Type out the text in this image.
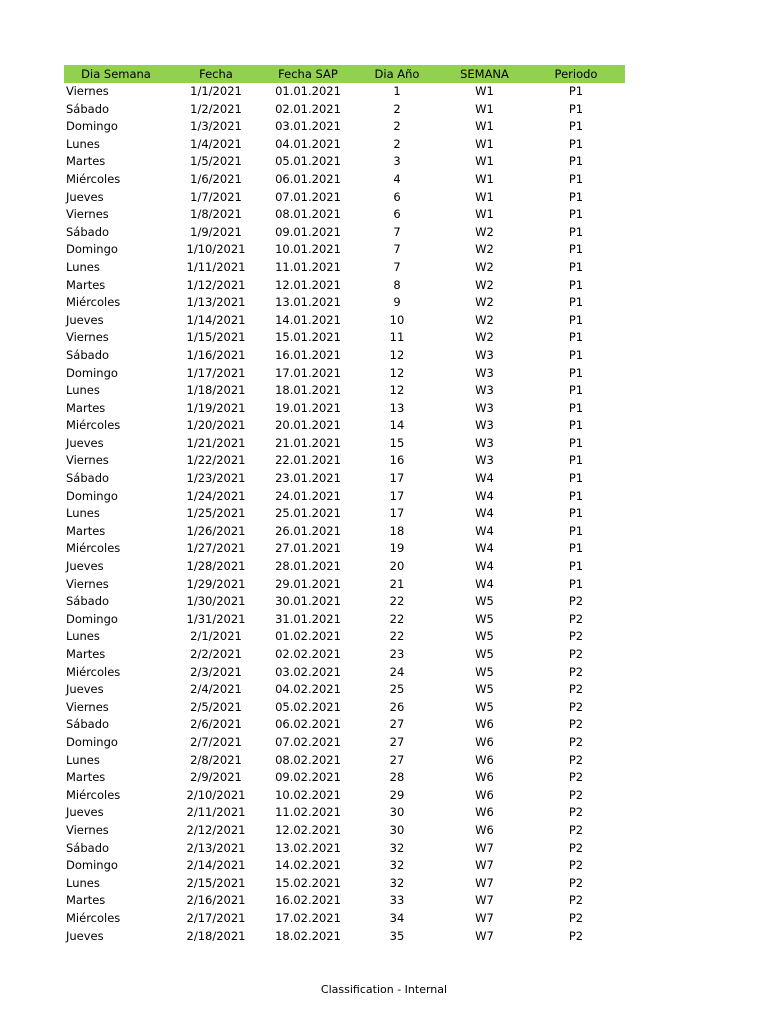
Dia Semana	Fecha	Fecha SAP	Dia Año	SEMANA	Periodo
Viernes	1/1/2021	01.01.2021	1	W1	P1
Sábado	1/2/2021	02.01.2021	2	W1	P1
Domingo	1/3/2021	03.01.2021	2	W1	P1
Lunes	1/4/2021	04.01.2021	2	W1	P1
Martes	1/5/2021	05.01.2021	3	W1	P1
Miércoles	1/6/2021	06.01.2021	4	W1	P1
Jueves	1/7/2021	07.01.2021	6	W1	P1
Viernes	1/8/2021	08.01.2021	6	W1	P1
Sábado	1/9/2021	09.01.2021	7	W2	P1
Domingo	1/10/2021	10.01.2021	7	W2	P1
Lunes	1/11/2021	11.01.2021	7	W2	P1
Martes	1/12/2021	12.01.2021	8	W2	P1
Miércoles	1/13/2021	13.01.2021	9	W2	P1
Jueves	1/14/2021	14.01.2021	10	W2	P1
Viernes	1/15/2021	15.01.2021	11	W2	P1
Sábado	1/16/2021	16.01.2021	12	W3	P1
Domingo	1/17/2021	17.01.2021	12	W3	P1
Lunes	1/18/2021	18.01.2021	12	W3	P1
Martes	1/19/2021	19.01.2021	13	W3	P1
Miércoles	1/20/2021	20.01.2021	14	W3	P1
Jueves	1/21/2021	21.01.2021	15	W3	P1
Viernes	1/22/2021	22.01.2021	16	W3	P1
Sábado	1/23/2021	23.01.2021	17	W4	P1
Domingo	1/24/2021	24.01.2021	17	W4	P1
Lunes	1/25/2021	25.01.2021	17	W4	P1
Martes	1/26/2021	26.01.2021	18	W4	P1
Miércoles	1/27/2021	27.01.2021	19	W4	P1
Jueves	1/28/2021	28.01.2021	20	W4	P1
Viernes	1/29/2021	29.01.2021	21	W4	P1
Sábado	1/30/2021	30.01.2021	22	W5	P2
Domingo	1/31/2021	31.01.2021	22	W5	P2
Lunes	2/1/2021	01.02.2021	22	W5	P2
Martes	2/2/2021	02.02.2021	23	W5	P2
Miércoles	2/3/2021	03.02.2021	24	W5	P2
Jueves	2/4/2021	04.02.2021	25	W5	P2
Viernes	2/5/2021	05.02.2021	26	W5	P2
Sábado	2/6/2021	06.02.2021	27	W6	P2
Domingo	2/7/2021	07.02.2021	27	W6	P2
Lunes	2/8/2021	08.02.2021	27	W6	P2
Martes	2/9/2021	09.02.2021	28	W6	P2
Miércoles	2/10/2021	10.02.2021	29	W6	P2
Jueves	2/11/2021	11.02.2021	30	W6	P2
Viernes	2/12/2021	12.02.2021	30	W6	P2
Sábado	2/13/2021	13.02.2021	32	W7	P2
Domingo	2/14/2021	14.02.2021	32	W7	P2
Lunes	2/15/2021	15.02.2021	32	W7	P2
Martes	2/16/2021	16.02.2021	33	W7	P2
Miércoles	2/17/2021	17.02.2021	34	W7	P2
Jueves	2/18/2021	18.02.2021	35	W7	P2
Classification - Internal
